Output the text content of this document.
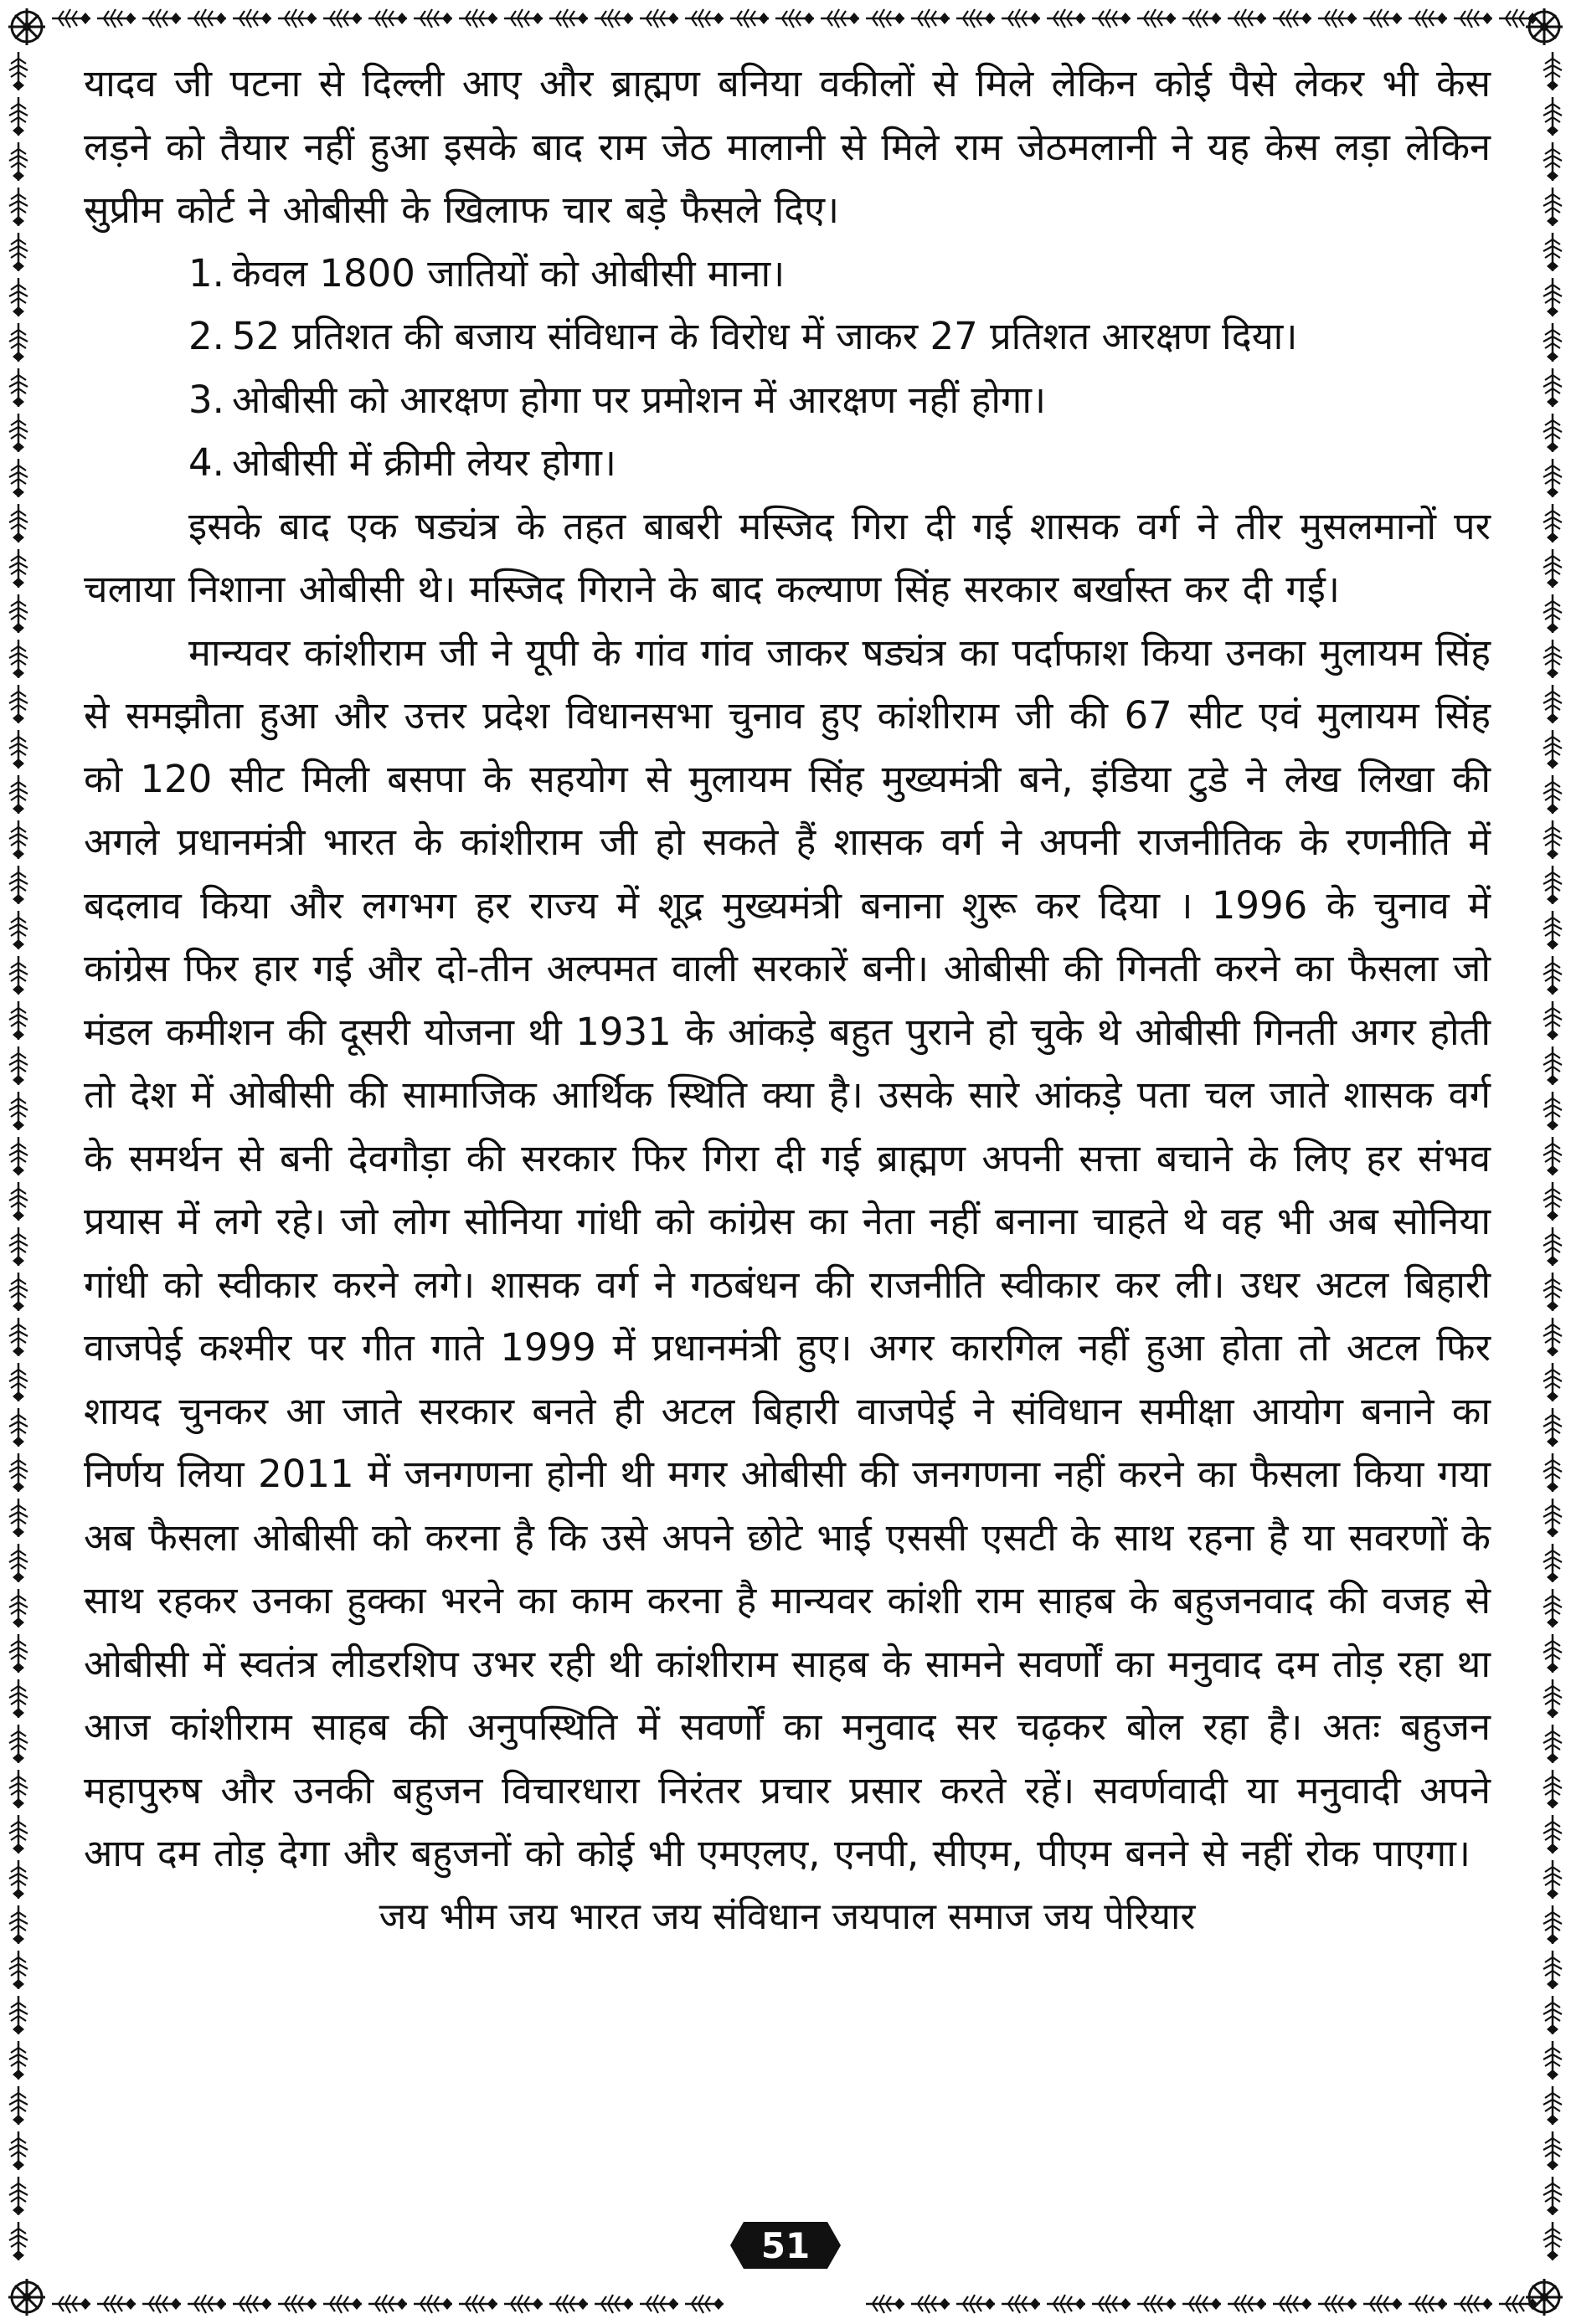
यादव जी पटना से दिल्ली आए और ब्राह्मण बनिया वकीलों से मिले लेकिन कोई पैसे लेकर भी केस लड़ने को तैयार नहीं हुआ इसके बाद राम जेठ मालानी से मिले राम जेठमलानी ने यह केस लड़ा लेकिन सुप्रीम कोर्ट ने ओबीसी के खिलाफ चार बड़े फैसले दिए।

1. केवल 1800 जातियों को ओबीसी माना।
2. 52 प्रतिशत की बजाय संविधान के विरोध में जाकर 27 प्रतिशत आरक्षण दिया।
3. ओबीसी को आरक्षण होगा पर प्रमोशन में आरक्षण नहीं होगा।
4. ओबीसी में क्रीमी लेयर होगा।

इसके बाद एक षड्यंत्र के तहत बाबरी मस्जिद गिरा दी गई शासक वर्ग ने तीर मुसलमानों पर चलाया निशाना ओबीसी थे। मस्जिद गिराने के बाद कल्याण सिंह सरकार बर्खास्त कर दी गई।

मान्यवर कांशीराम जी ने यूपी के गांव गांव जाकर षड्यंत्र का पर्दाफाश किया उनका मुलायम सिंह से समझौता हुआ और उत्तर प्रदेश विधानसभा चुनाव हुए कांशीराम जी की 67 सीट एवं मुलायम सिंह को 120 सीट मिली बसपा के सहयोग से मुलायम सिंह मुख्यमंत्री बने, इंडिया टुडे ने लेख लिखा की अगले प्रधानमंत्री भारत के कांशीराम जी हो सकते हैं शासक वर्ग ने अपनी राजनीतिक के रणनीति में बदलाव किया और लगभग हर राज्य में शूद्र मुख्यमंत्री बनाना शुरू कर दिया । 1996 के चुनाव में कांग्रेस फिर हार गई और दो-तीन अल्पमत वाली सरकारें बनी। ओबीसी की गिनती करने का फैसला जो मंडल कमीशन की दूसरी योजना थी 1931 के आंकड़े बहुत पुराने हो चुके थे ओबीसी गिनती अगर होती तो देश में ओबीसी की सामाजिक आर्थिक स्थिति क्या है। उसके सारे आंकड़े पता चल जाते शासक वर्ग के समर्थन से बनी देवगौड़ा की सरकार फिर गिरा दी गई ब्राह्मण अपनी सत्ता बचाने के लिए हर संभव प्रयास में लगे रहे। जो लोग सोनिया गांधी को कांग्रेस का नेता नहीं बनाना चाहते थे वह भी अब सोनिया गांधी को स्वीकार करने लगे। शासक वर्ग ने गठबंधन की राजनीति स्वीकार कर ली। उधर अटल बिहारी वाजपेई कश्मीर पर गीत गाते 1999 में प्रधानमंत्री हुए। अगर कारगिल नहीं हुआ होता तो अटल फिर शायद चुनकर आ जाते सरकार बनते ही अटल बिहारी वाजपेई ने संविधान समीक्षा आयोग बनाने का निर्णय लिया 2011 में जनगणना होनी थी मगर ओबीसी की जनगणना नहीं करने का फैसला किया गया अब फैसला ओबीसी को करना है कि उसे अपने छोटे भाई एससी एसटी के साथ रहना है या सवरणों के साथ रहकर उनका हुक्का भरने का काम करना है मान्यवर कांशी राम साहब के बहुजनवाद की वजह से ओबीसी में स्वतंत्र लीडरशिप उभर रही थी कांशीराम साहब के सामने सवर्णों का मनुवाद दम तोड़ रहा था आज कांशीराम साहब की अनुपस्थिति में सवर्णों का मनुवाद सर चढ़कर बोल रहा है। अतः बहुजन महापुरुष और उनकी बहुजन विचारधारा निरंतर प्रचार प्रसार करते रहें। सवर्णवादी या मनुवादी अपने आप दम तोड़ देगा और बहुजनों को कोई भी एमएलए, एनपी, सीएम, पीएम बनने से नहीं रोक पाएगा।

जय भीम जय भारत जय संविधान जयपाल समाज जय पेरियार

51
